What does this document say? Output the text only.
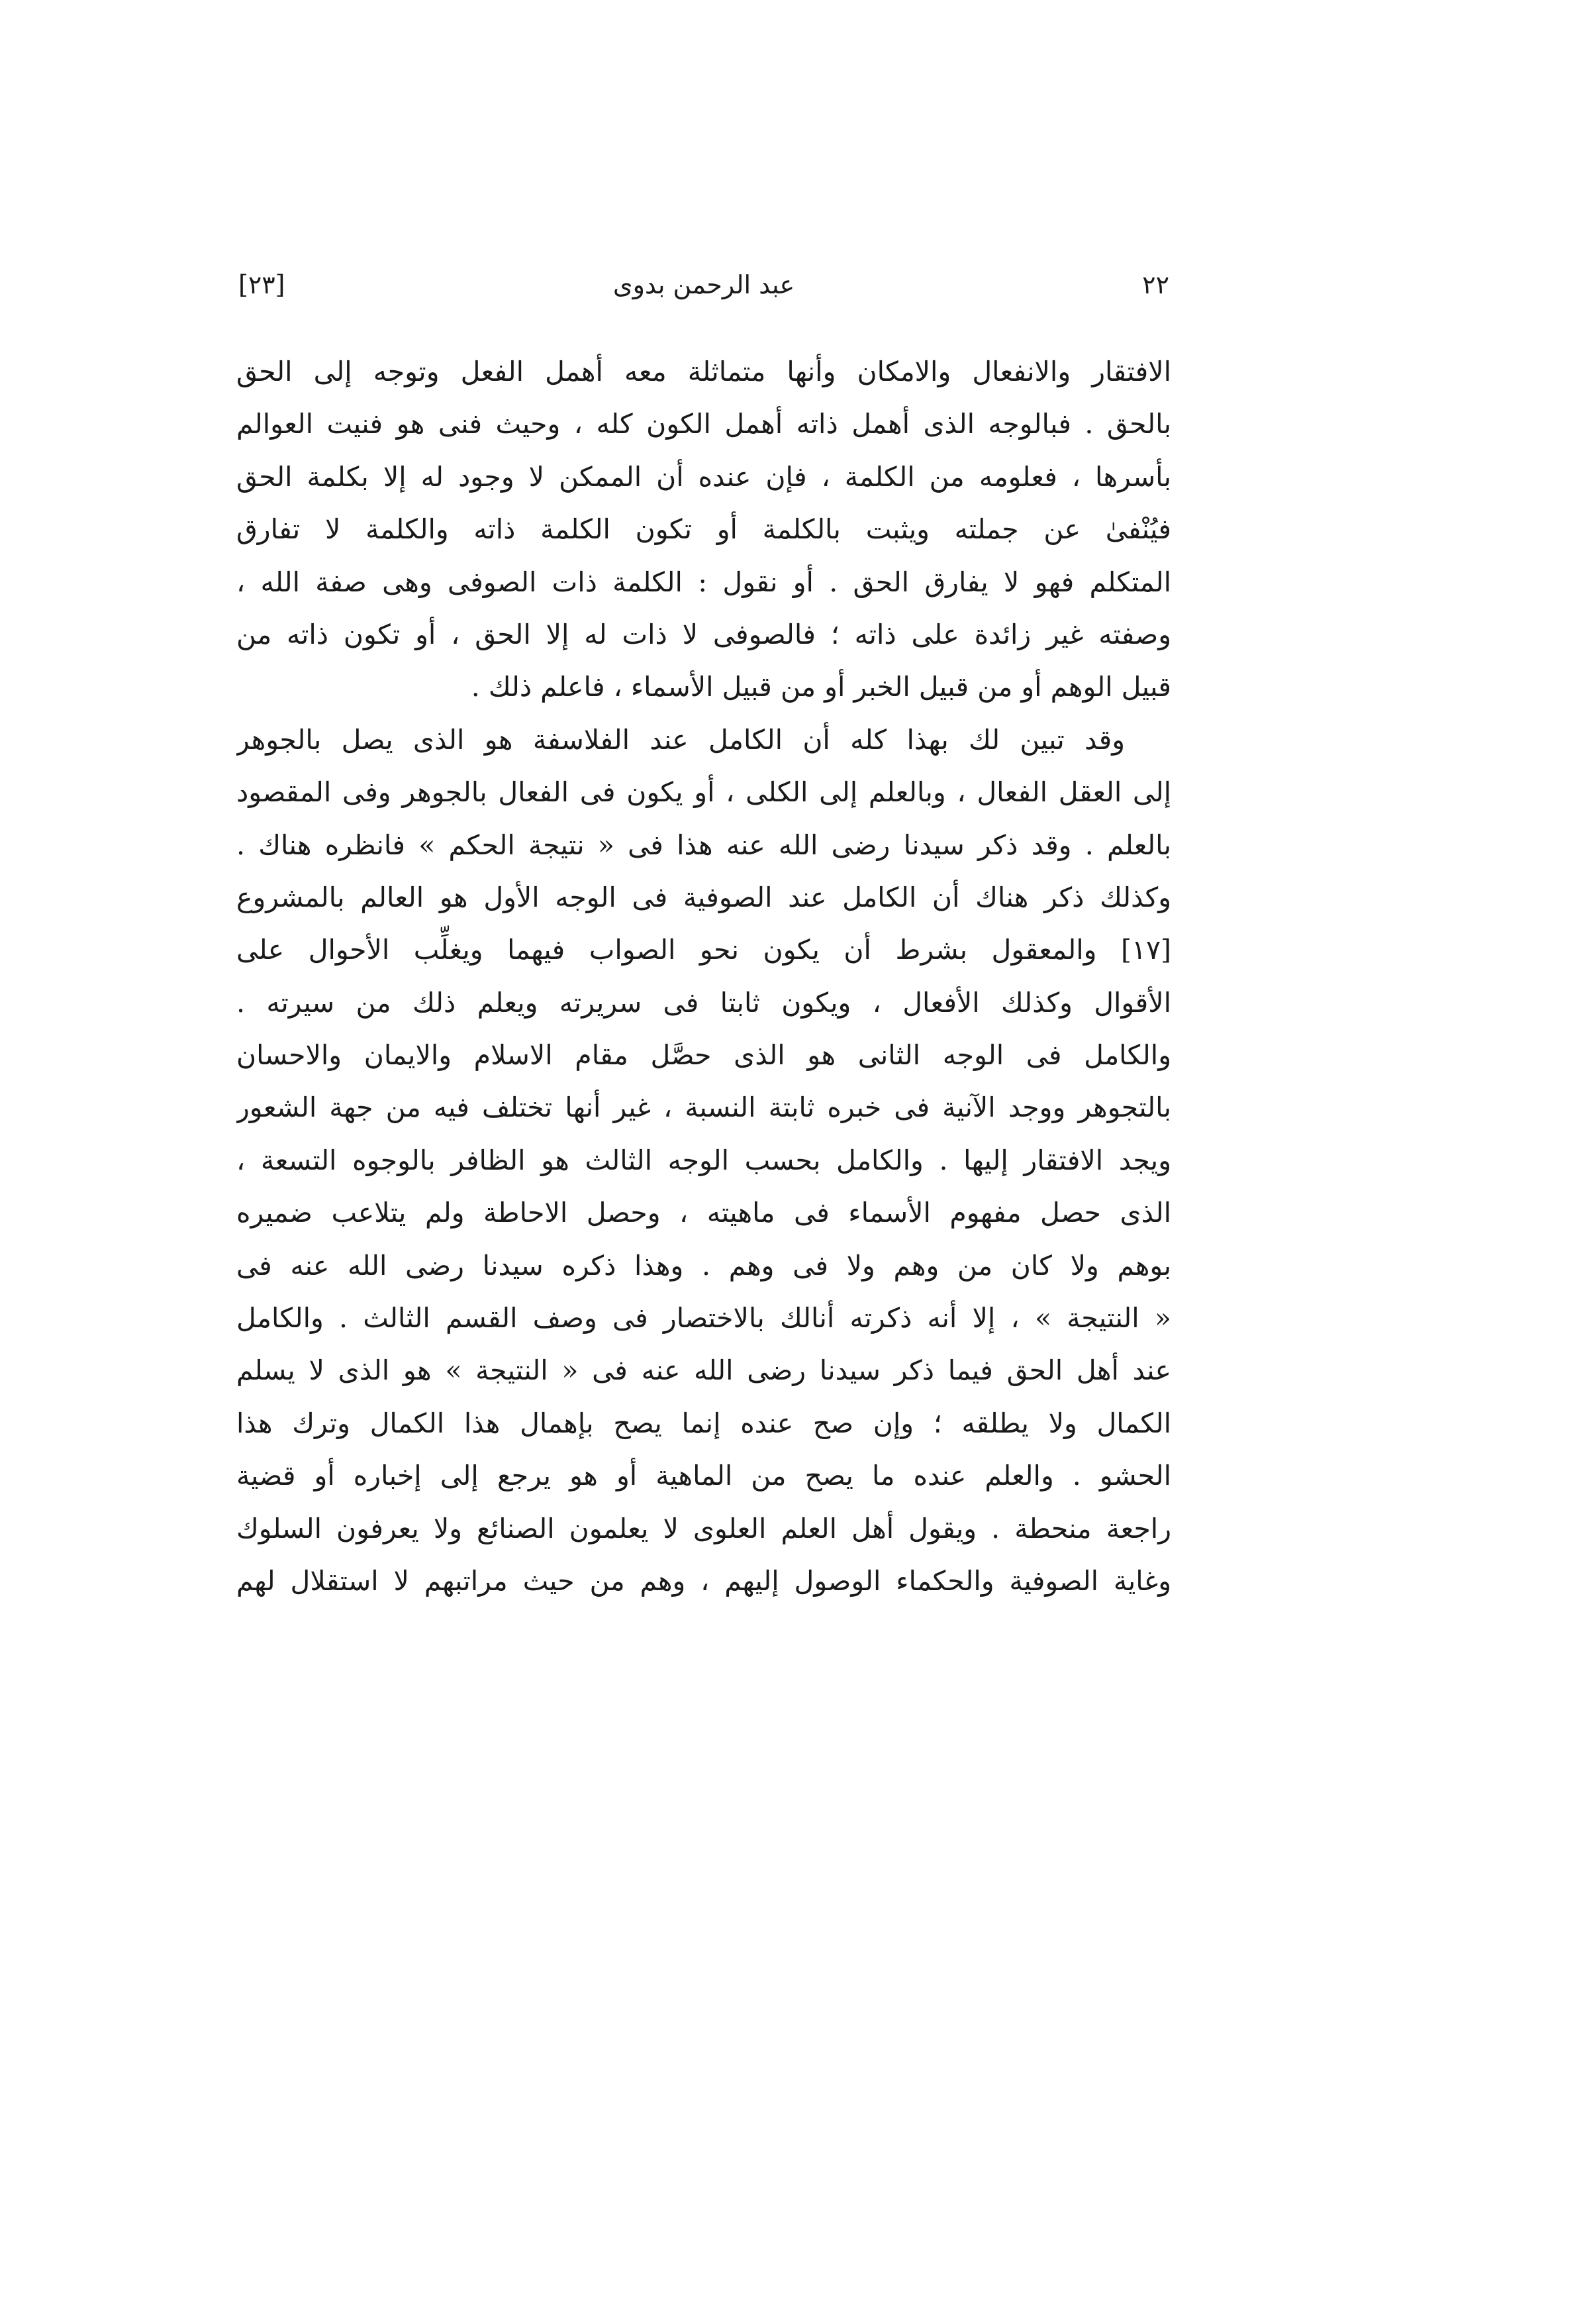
٢٢
عبد الرحمن بدوى
[٢٣]
الافتقار والانفعال والامكان وأنها متماثلة معه أهمل الفعل وتوجه إلى الحق
بالحق . فبالوجه الذى أهمل ذاته أهمل الكون كله ، وحيث فنى هو فنيت العوالم
بأسرها ، فعلومه من الكلمة ، فإن عنده أن الممكن لا وجود له إلا بكلمة الحق
فيُنْفىٰ عن جملته ويثبت بالكلمة أو تكون الكلمة ذاته والكلمة لا تفارق
المتكلم فهو لا يفارق الحق . أو نقول : الكلمة ذات الصوفى وهى صفة الله ،
وصفته غير زائدة على ذاته ؛ فالصوفى لا ذات له إلا الحق ، أو تكون ذاته من
قبيل الوهم أو من قبيل الخبر أو من قبيل الأسماء ، فاعلم ذلك .
وقد تبين لك بهذا كله أن الكامل عند الفلاسفة هو الذى يصل بالجوهر
إلى العقل الفعال ، وبالعلم إلى الكلى ، أو يكون فى الفعال بالجوهر وفى المقصود
بالعلم . وقد ذكر سيدنا رضى الله عنه هذا فى « نتيجة الحكم » فانظره هناك .
وكذلك ذكر هناك أن الكامل عند الصوفية فى الوجه الأول هو العالم بالمشروع
[١٧] والمعقول بشرط أن يكون نحو الصواب فيهما ويغلِّب الأحوال على
الأقوال وكذلك الأفعال ، ويكون ثابتا فى سريرته ويعلم ذلك من سيرته .
والكامل فى الوجه الثانى هو الذى حصَّل مقام الاسلام والايمان والاحسان
بالتجوهر ووجد الآنية فى خبره ثابتة النسبة ، غير أنها تختلف فيه من جهة الشعور
ويجد الافتقار إليها . والكامل بحسب الوجه الثالث هو الظافر بالوجوه التسعة ،
الذى حصل مفهوم الأسماء فى ماهيته ، وحصل الاحاطة ولم يتلاعب ضميره
بوهم ولا كان من وهم ولا فى وهم . وهذا ذكره سيدنا رضى الله عنه فى
« النتيجة » ، إلا أنه ذكرته أنالك بالاختصار فى وصف القسم الثالث . والكامل
عند أهل الحق فيما ذكر سيدنا رضى الله عنه فى « النتيجة » هو الذى لا يسلم
الكمال ولا يطلقه ؛ وإن صح عنده إنما يصح بإهمال هذا الكمال وترك هذا
الحشو . والعلم عنده ما يصح من الماهية أو هو يرجع إلى إخباره أو قضية
راجعة منحطة . ويقول أهل العلم العلوى لا يعلمون الصنائع ولا يعرفون السلوك
وغاية الصوفية والحكماء الوصول إليهم ، وهم من حيث مراتبهم لا استقلال لهم
